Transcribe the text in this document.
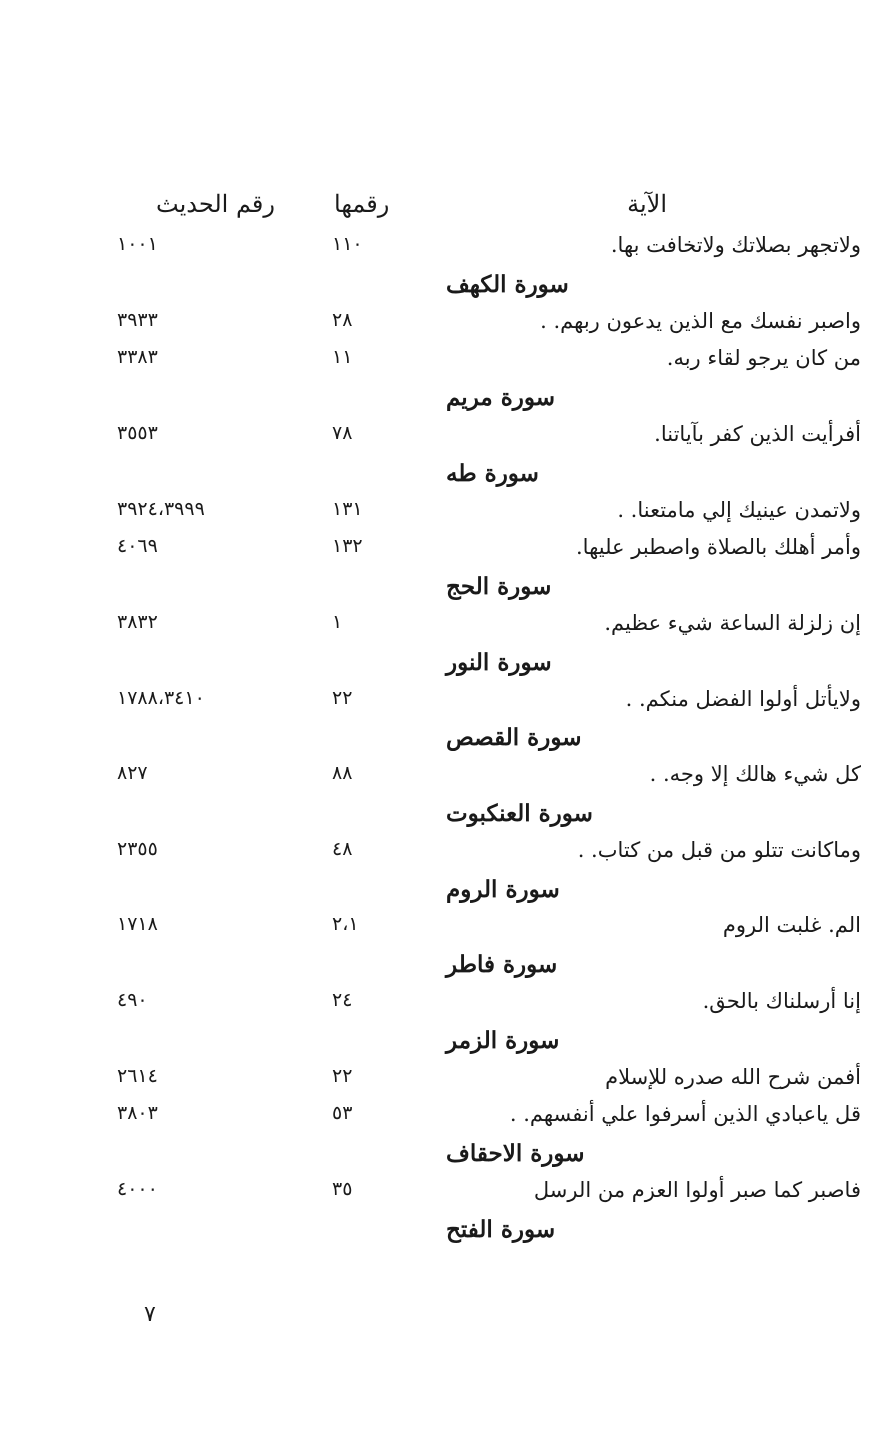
الآية
رقمها
رقم الحديث
ولاتجهر بصلاتك ولاتخافت بها.
١١٠
١٠٠١
سورة الكهف
واصبر نفسك مع الذين يدعون ربهم. .
٢٨
٣٩٣٣
من كان يرجو لقاء ربه.
١١
٣٣٨٣
سورة مريم
أفرأيت الذين كفر بآياتنا.
٧٨
٣٥٥٣
سورة طه
ولاتمدن عينيك إلي مامتعنا. .
١٣١
٣٩٢٤،٣٩٩٩
وأمر أهلك بالصلاة واصطبر عليها.
١٣٢
٤٠٦٩
سورة الحج
إن زلزلة الساعة شيء عظيم.
١
٣٨٣٢
سورة النور
ولايأتل أولوا الفضل منكم. .
٢٢
١٧٨٨،٣٤١٠
سورة القصص
كل شيء هالك إلا وجه. .
٨٨
٨٢٧
سورة العنكبوت
وماكانت تتلو من قبل من كتاب. .
٤٨
٢٣٥٥
سورة الروم
الم. غلبت الروم
٢،١
١٧١٨
سورة فاطر
إنا أرسلناك بالحق.
٢٤
٤٩٠
سورة الزمر
أفمن شرح الله صدره للإسلام
٢٢
٢٦١٤
قل ياعبادي الذين أسرفوا علي أنفسهم. .
٥٣
٣٨٠٣
سورة الاحقاف
فاصبر كما صبر أولوا العزم من الرسل
٣٥
٤٠٠٠
سورة الفتح
٧
